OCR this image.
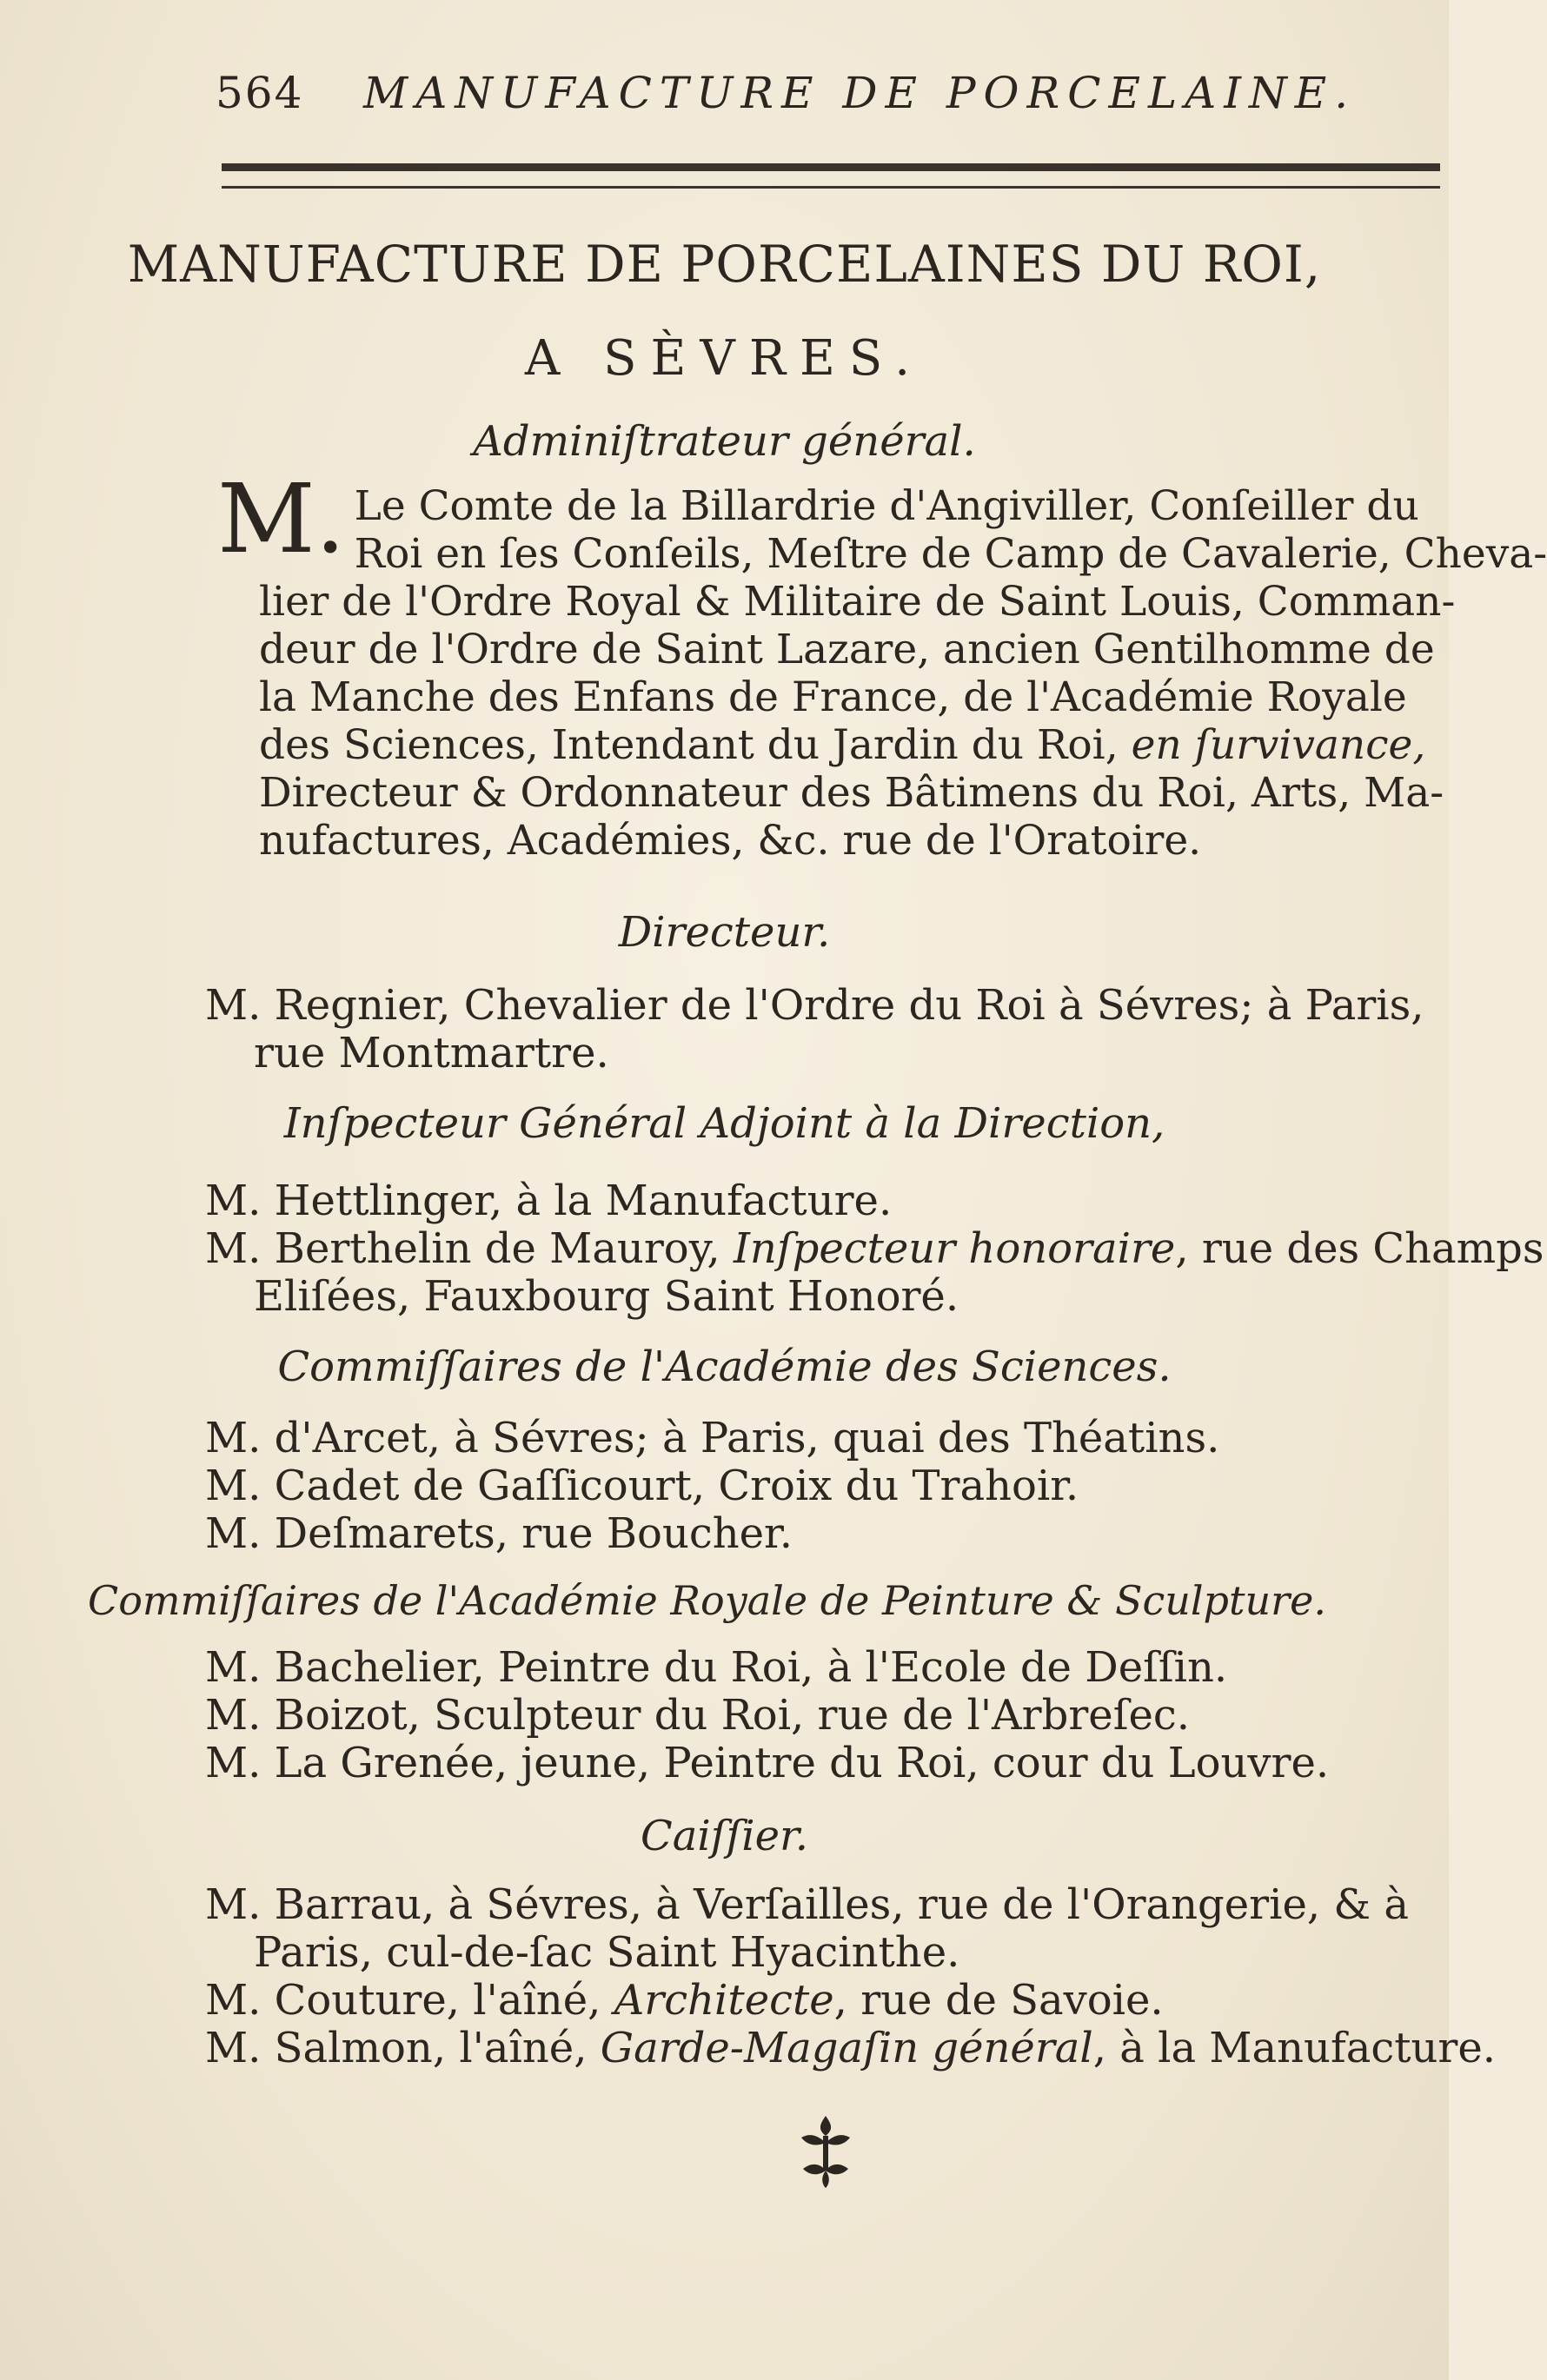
564	MANUFACTURE DE PORCELAINE.
MANUFACTURE DE PORCELAINES DU ROI,
A SÈVRES.
Adminiſtrateur général.
M. Le Comte de la Billardrie d'Angiviller, Conſeiller du
Roi en ſes Conſeils, Meſtre de Camp de Cavalerie, Cheva-
lier de l'Ordre Royal & Militaire de Saint Louis, Comman-
deur de l'Ordre de Saint Lazare, ancien Gentilhomme de
la Manche des Enfans de France, de l'Académie Royale
des Sciences, Intendant du Jardin du Roi, en ſurvivance,
Directeur & Ordonnateur des Bâtimens du Roi, Arts, Ma-
nufactures, Académies, &c. rue de l'Oratoire.
Directeur.
M. Regnier, Chevalier de l'Ordre du Roi à Sévres; à Paris,
rue Montmartre.
Inſpecteur Général Adjoint à la Direction,
M. Hettlinger, à la Manufacture.
M. Berthelin de Mauroy, Inſpecteur honoraire, rue des Champs
Eliſées, Fauxbourg Saint Honoré.
Commiſſaires de l'Académie des Sciences.
M. d'Arcet, à Sévres; à Paris, quai des Théatins.
M. Cadet de Gaſſicourt, Croix du Trahoir.
M. Deſmarets, rue Boucher.
Commiſſaires de l'Académie Royale de Peinture & Sculpture.
M. Bachelier, Peintre du Roi, à l'Ecole de Deſſin.
M. Boizot, Sculpteur du Roi, rue de l'Arbreſec.
M. La Grenée, jeune, Peintre du Roi, cour du Louvre.
Caiſſier.
M. Barrau, à Sévres, à Verſailles, rue de l'Orangerie, & à
Paris, cul-de-ſac Saint Hyacinthe.
M. Couture, l'aîné, Architecte, rue de Savoie.
M. Salmon, l'aîné, Garde-Magaſin général, à la Manufacture.
